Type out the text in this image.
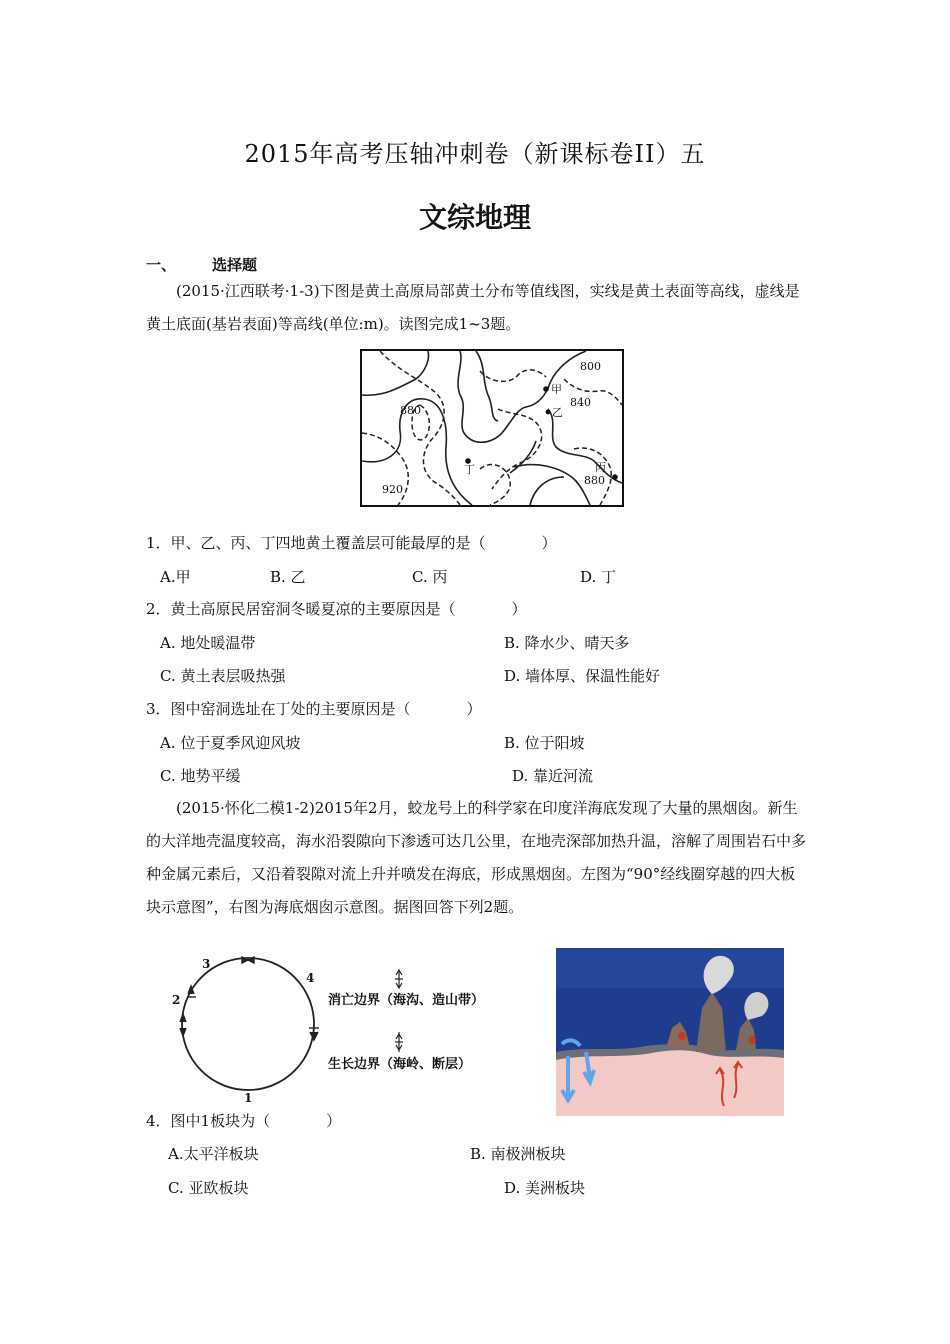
2015年高考压轴冲刺卷（新课标卷II）五
文综地理
一、 选择题
(2015·江西联考·1-3)下图是黄土高原局部黄土分布等值线图，实线是黄土表面等高线，虚线是黄土底面(基岩表面)等高线(单位:m)。读图完成1~3题。
甲
乙
丁	丙
800
840
880
880
920
1．甲、乙、丙、丁四地黄土覆盖层可能最厚的是（	）
A.甲	B. 乙	C. 丙	D. 丁
2．黄土高原民居窑洞冬暖夏凉的主要原因是（	）
A. 地处暖温带	B. 降水少、晴天多
C. 黄土表层吸热强	D. 墙体厚、保温性能好
3．图中窑洞选址在丁处的主要原因是（	）
A. 位于夏季风迎风坡	B. 位于阳坡
C. 地势平缓	D. 靠近河流
(2015·怀化二模1-2)2015年2月，蛟龙号上的科学家在印度洋海底发现了大量的黑烟囱。新生的大洋地壳温度较高，海水沿裂隙向下渗透可达几公里，在地壳深部加热升温，溶解了周围岩石中多种金属元素后，又沿着裂隙对流上升并喷发在海底，形成黑烟囱。左图为“90°经线圈穿越的四大板块示意图”，右图为海底烟囱示意图。据图回答下列2题。
1
2
3
4
消亡边界（海沟、造山带）
生长边界（海岭、断层）
4．图中1板块为（	）
A.太平洋板块	B. 南极洲板块
C. 亚欧板块	D. 美洲板块
